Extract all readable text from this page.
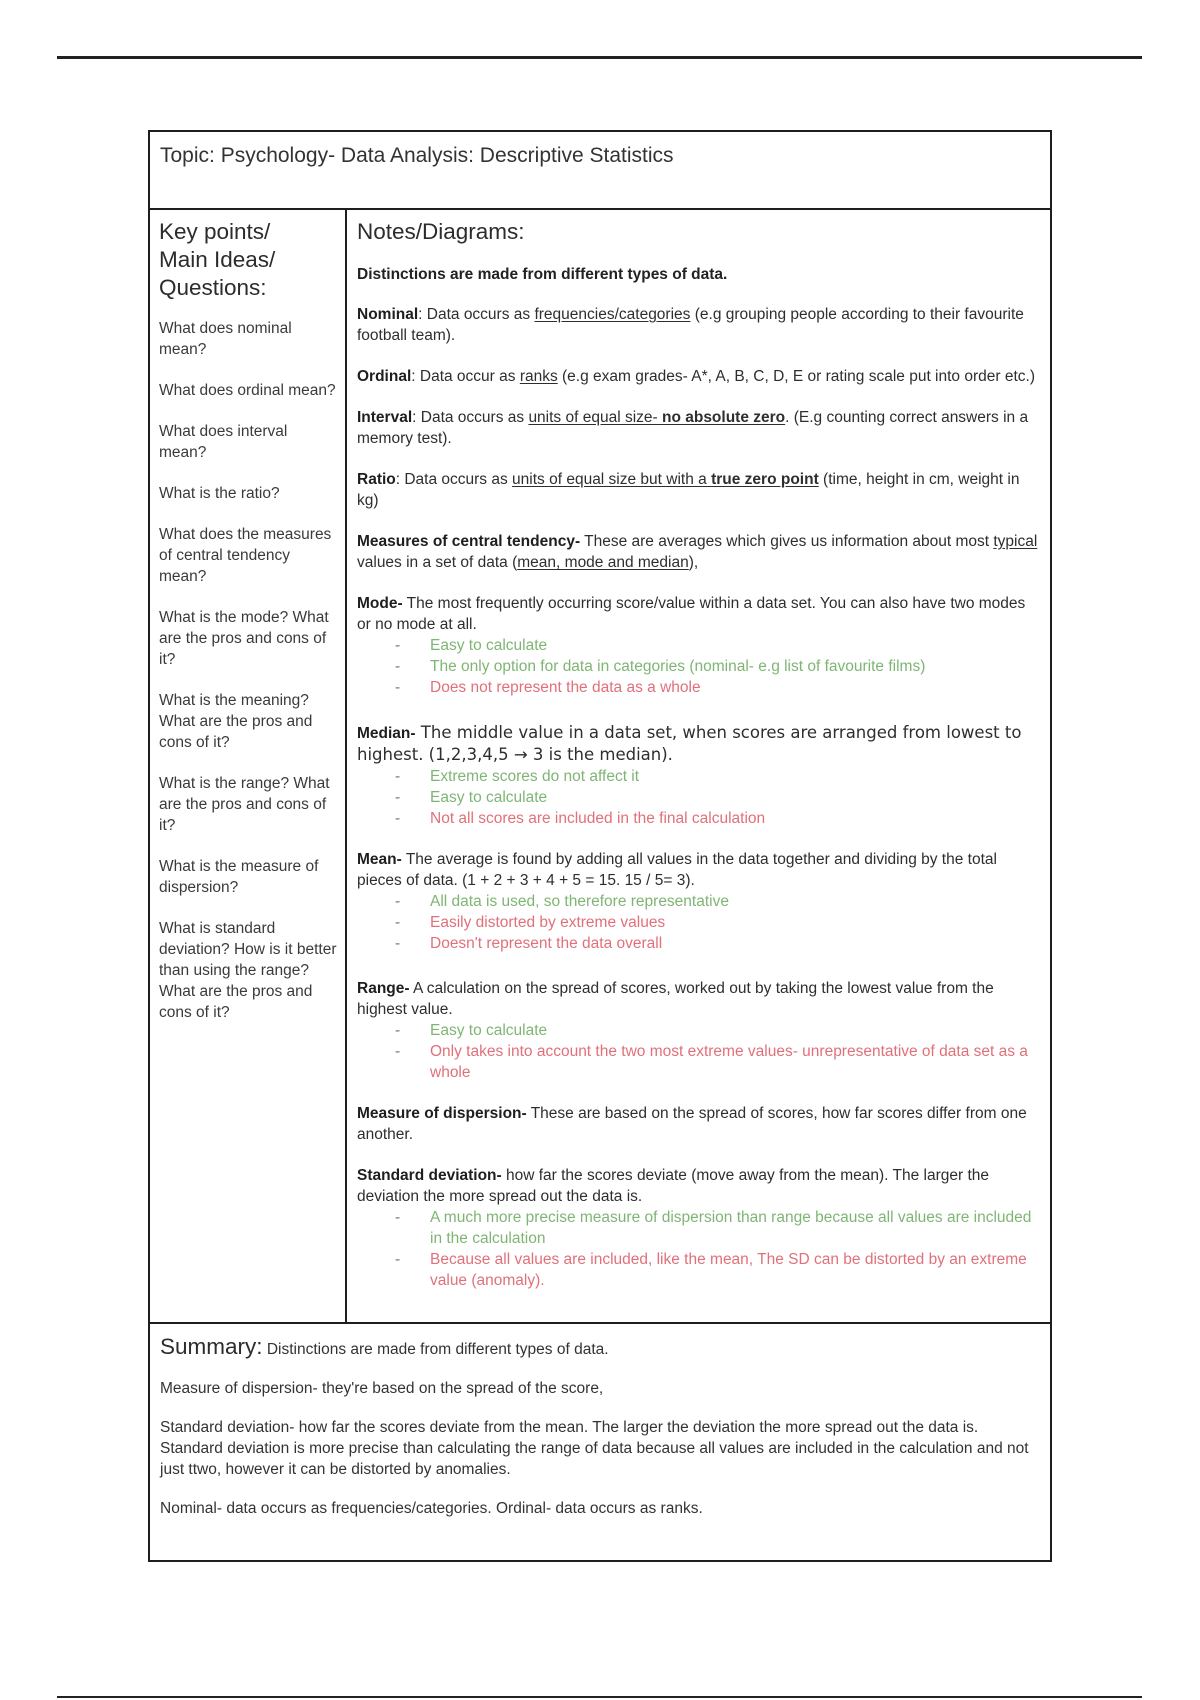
Topic: Psychology- Data Analysis: Descriptive Statistics
Key points/ Main Ideas/ Questions:
What does nominal mean?
What does ordinal mean?
What does interval mean?
What is the ratio?
What does the measures of central tendency mean?
What is the mode? What are the pros and cons of it?
What is the meaning? What are the pros and cons of it?
What is the range? What are the pros and cons of it?
What is the measure of dispersion?
What is standard deviation? How is it better than using the range? What are the pros and cons of it?
Notes/Diagrams:
Distinctions are made from different types of data.
Nominal: Data occurs as frequencies/categories (e.g grouping people according to their favourite football team).
Ordinal: Data occur as ranks (e.g exam grades- A*, A, B, C, D, E or rating scale put into order etc.)
Interval: Data occurs as units of equal size- no absolute zero. (E.g counting correct answers in a memory test).
Ratio: Data occurs as units of equal size but with a true zero point (time, height in cm, weight in kg)
Measures of central tendency- These are averages which gives us information about most typical values in a set of data (mean, mode and median),
Mode- The most frequently occurring score/value within a data set. You can also have two modes or no mode at all.
- Easy to calculate
- The only option for data in categories (nominal- e.g list of favourite films)
- Does not represent the data as a whole
Median- The middle value in a data set, when scores are arranged from lowest to highest. (1,2,3,4,5 → 3 is the median).
- Extreme scores do not affect it
- Easy to calculate
- Not all scores are included in the final calculation
Mean- The average is found by adding all values in the data together and dividing by the total pieces of data. (1 + 2 + 3 + 4 + 5 = 15. 15 / 5= 3).
- All data is used, so therefore representative
- Easily distorted by extreme values
- Doesn't represent the data overall
Range- A calculation on the spread of scores, worked out by taking the lowest value from the highest value.
- Easy to calculate
- Only takes into account the two most extreme values- unrepresentative of data set as a whole
Measure of dispersion- These are based on the spread of scores, how far scores differ from one another.
Standard deviation- how far the scores deviate (move away from the mean). The larger the deviation the more spread out the data is.
- A much more precise measure of dispersion than range because all values are included in the calculation
- Because all values are included, like the mean, The SD can be distorted by an extreme value (anomaly).
Summary: Distinctions are made from different types of data.

Measure of dispersion- they're based on the spread of the score,

Standard deviation- how far the scores deviate from the mean. The larger the deviation the more spread out the data is. Standard deviation is more precise than calculating the range of data because all values are included in the calculation and not just ttwo, however it can be distorted by anomalies.

Nominal- data occurs as frequencies/categories. Ordinal- data occurs as ranks.
